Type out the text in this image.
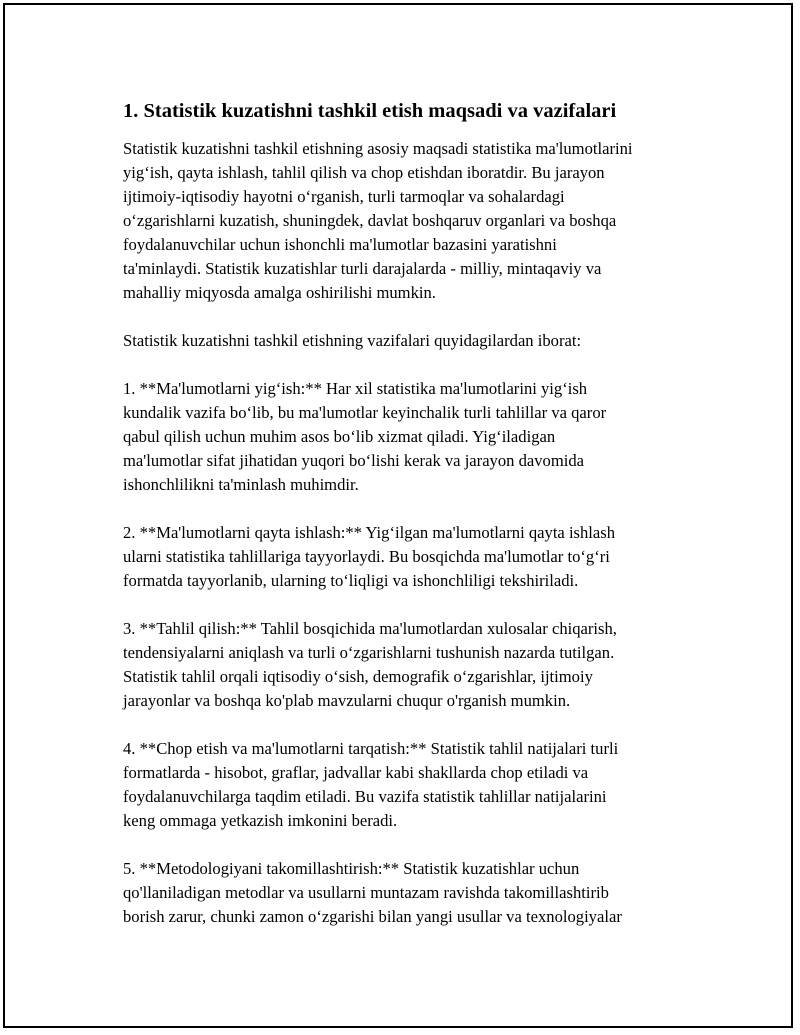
1. Statistik kuzatishni tashkil etish maqsadi va vazifalari

Statistik kuzatishni tashkil etishning asosiy maqsadi statistika ma'lumotlarini
yig‘ish, qayta ishlash, tahlil qilish va chop etishdan iboratdir. Bu jarayon
ijtimoiy-iqtisodiy hayotni o‘rganish, turli tarmoqlar va sohalardagi
o‘zgarishlarni kuzatish, shuningdek, davlat boshqaruv organlari va boshqa
foydalanuvchilar uchun ishonchli ma'lumotlar bazasini yaratishni
ta'minlaydi. Statistik kuzatishlar turli darajalarda - milliy, mintaqaviy va
mahalliy miqyosda amalga oshirilishi mumkin.

Statistik kuzatishni tashkil etishning vazifalari quyidagilardan iborat:

1. **Ma'lumotlarni yig‘ish:** Har xil statistika ma'lumotlarini yig‘ish
kundalik vazifa bo‘lib, bu ma'lumotlar keyinchalik turli tahlillar va qaror
qabul qilish uchun muhim asos bo‘lib xizmat qiladi. Yig‘iladigan
ma'lumotlar sifat jihatidan yuqori bo‘lishi kerak va jarayon davomida
ishonchlilikni ta'minlash muhimdir.

2. **Ma'lumotlarni qayta ishlash:** Yig‘ilgan ma'lumotlarni qayta ishlash
ularni statistika tahlillariga tayyorlaydi. Bu bosqichda ma'lumotlar to‘g‘ri
formatda tayyorlanib, ularning to‘liqligi va ishonchliligi tekshiriladi.

3. **Tahlil qilish:** Tahlil bosqichida ma'lumotlardan xulosalar chiqarish,
tendensiyalarni aniqlash va turli o‘zgarishlarni tushunish nazarda tutilgan.
Statistik tahlil orqali iqtisodiy o‘sish, demografik o‘zgarishlar, ijtimoiy
jarayonlar va boshqa ko'plab mavzularni chuqur o'rganish mumkin.

4. **Chop etish va ma'lumotlarni tarqatish:** Statistik tahlil natijalari turli
formatlarda - hisobot, graflar, jadvallar kabi shakllarda chop etiladi va
foydalanuvchilarga taqdim etiladi. Bu vazifa statistik tahlillar natijalarini
keng ommaga yetkazish imkonini beradi.

5. **Metodologiyani takomillashtirish:** Statistik kuzatishlar uchun
qo'llaniladigan metodlar va usullarni muntazam ravishda takomillashtirib
borish zarur, chunki zamon o‘zgarishi bilan yangi usullar va texnologiyalar
